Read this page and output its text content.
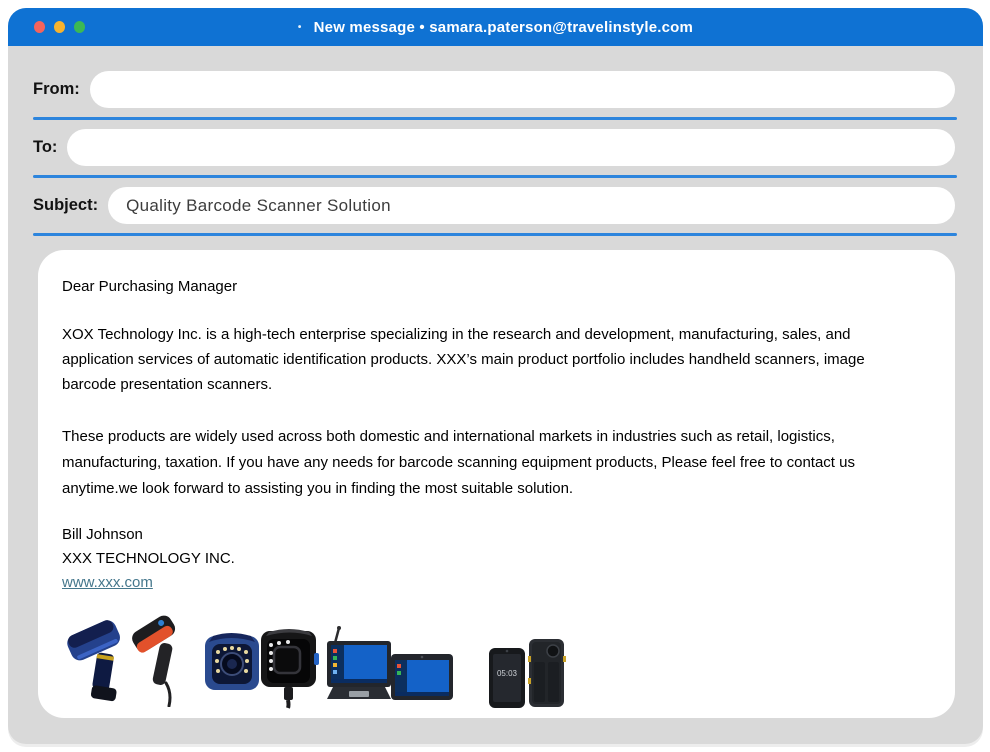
• New message • samara.paterson@travelinstyle.com
From:
To:
Subject:
Quality Barcode Scanner Solution

Dear Purchasing Manager

XOX Technology Inc. is a high-tech enterprise specializing in the research and development, manufacturing, sales, and application services of automatic identification products. XXX’s main product portfolio includes handheld scanners, image barcode presentation scanners.

These products are widely used across both domestic and international markets in industries such as retail, logistics, manufacturing, taxation. If you have any needs for barcode scanning equipment products, Please feel free to contact us anytime.we look forward to assisting you in finding the most suitable solution.

Bill Johnson
XXX TECHNOLOGY INC.
www.xxx.com
05:03
